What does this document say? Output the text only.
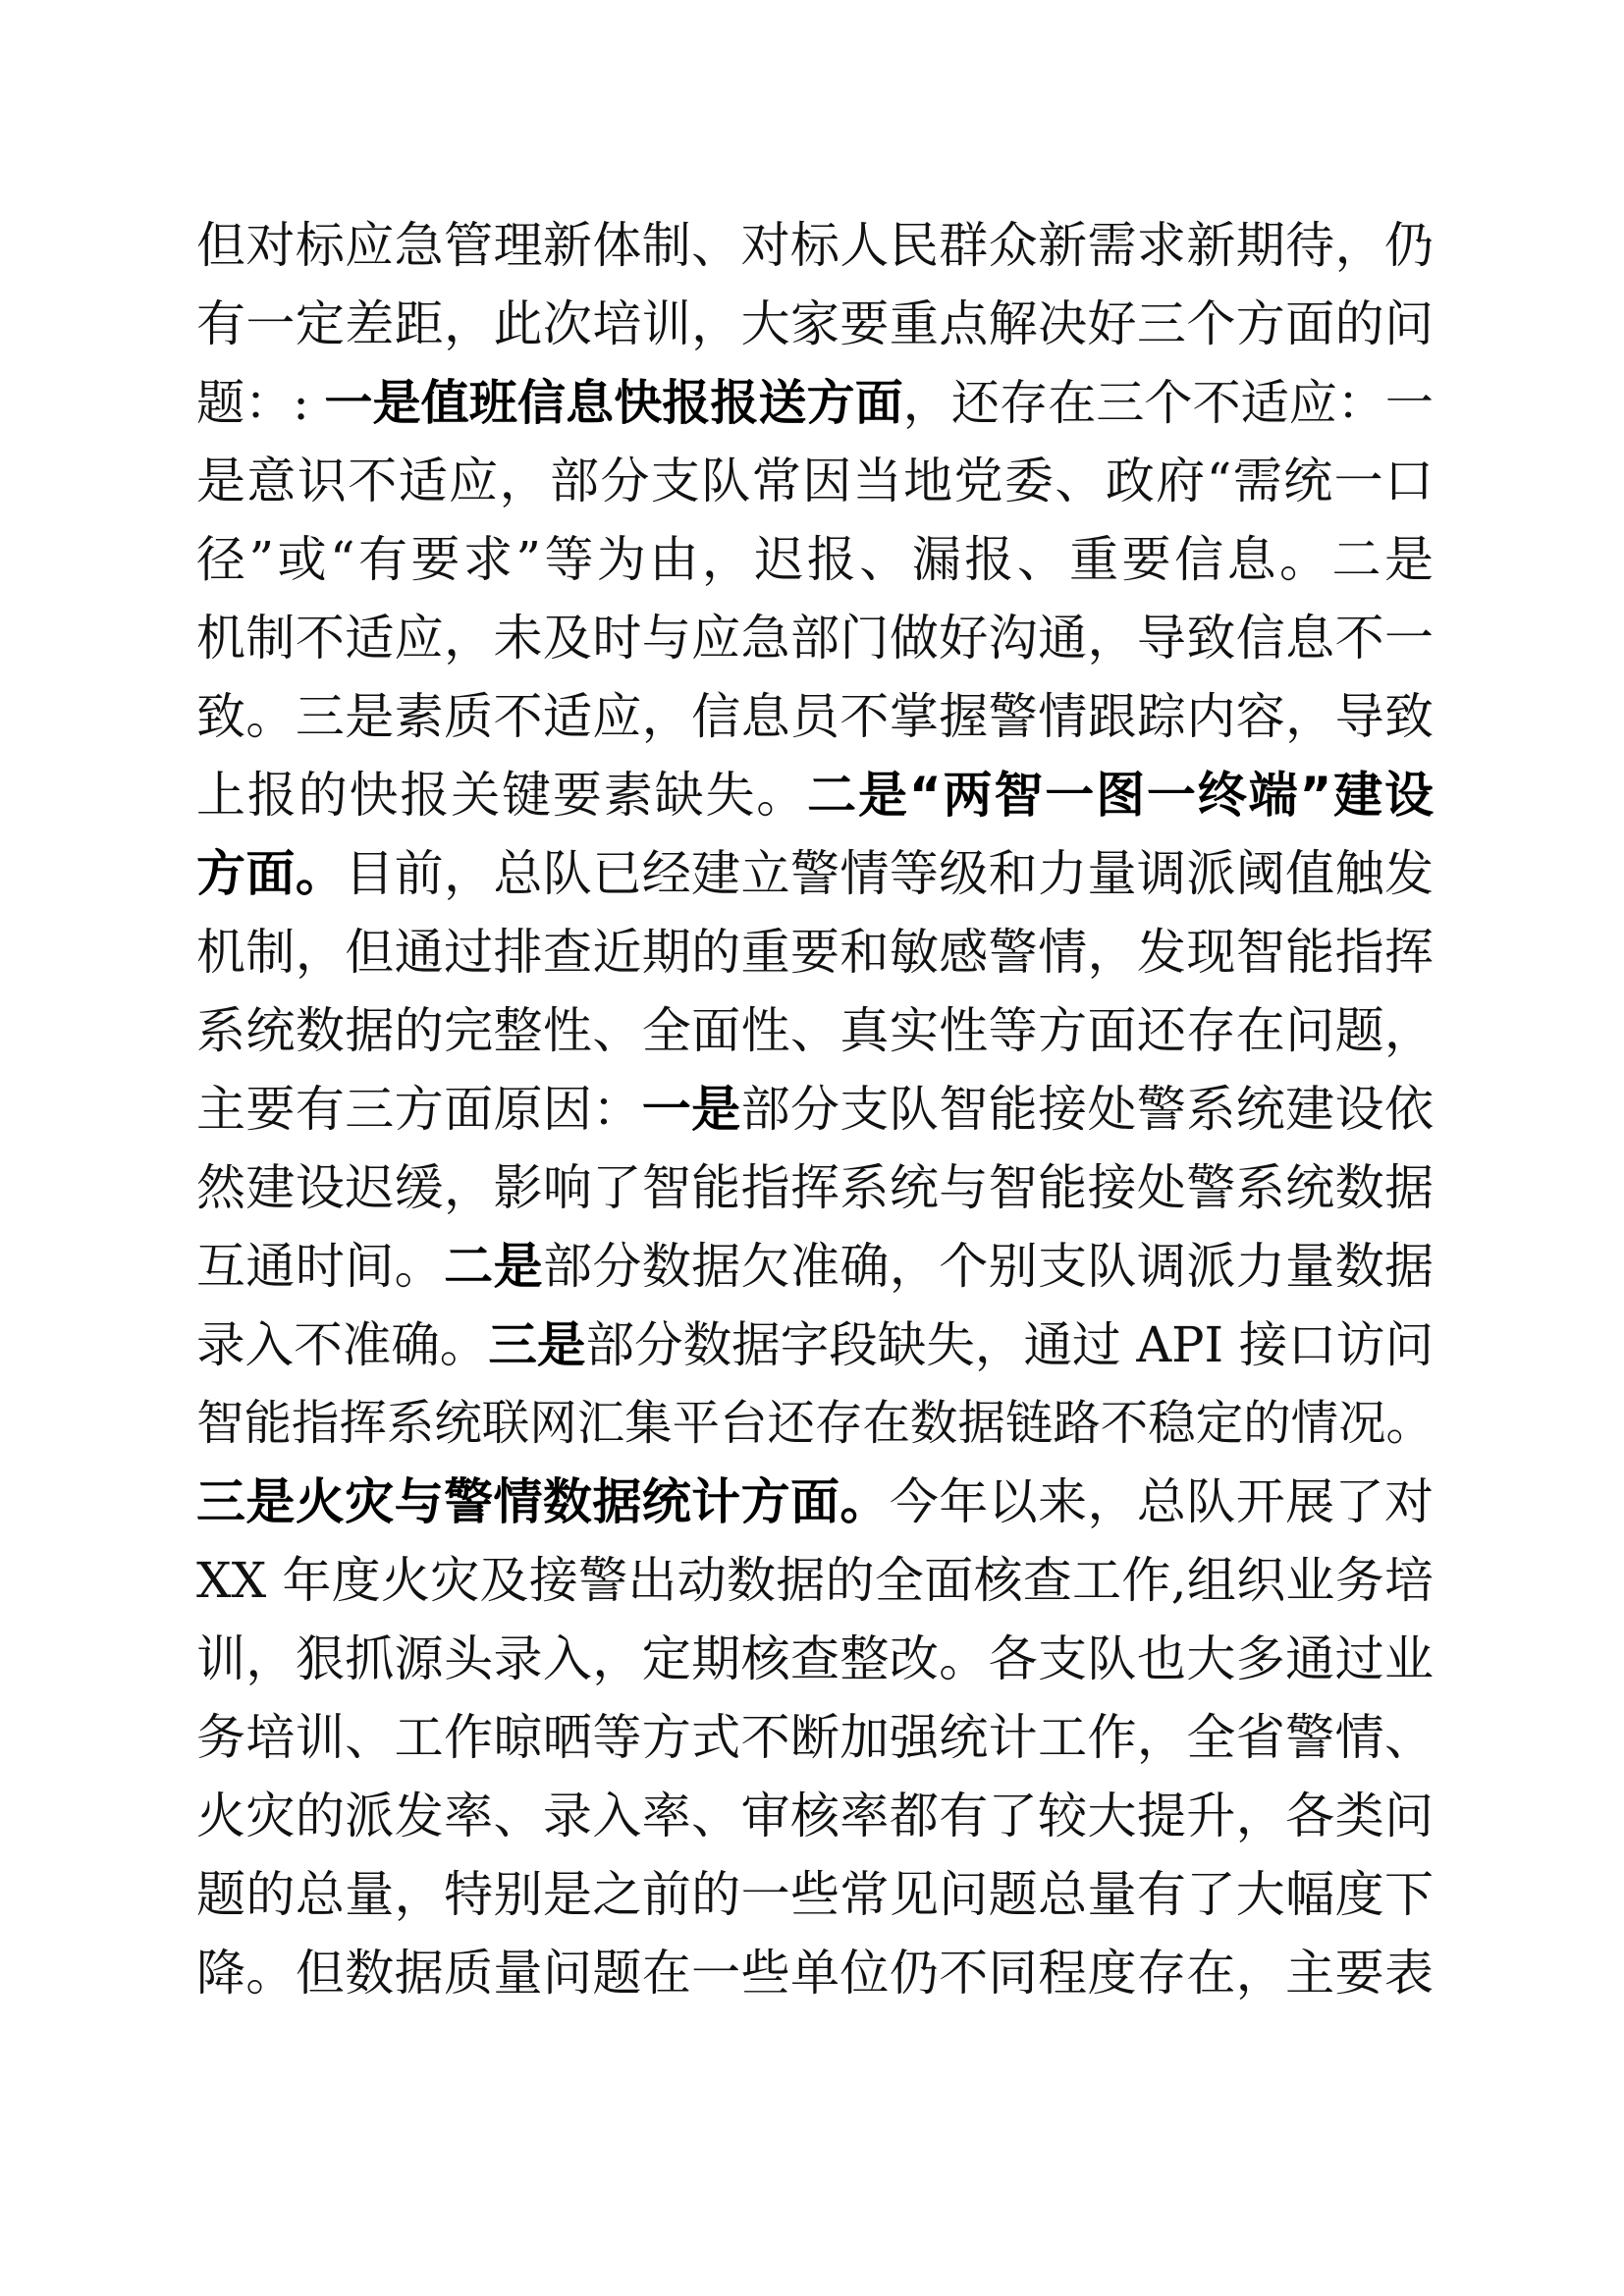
但对标应急管理新体制、对标人民群众新需求新期待，仍
有一定差距，此次培训，大家要重点解决好三个方面的问
题：: 一是值班信息快报报送方面，还存在三个不适应：一
是意识不适应，部分支队常因当地党委、政府“需统一口
径”或“有要求”等为由，迟报、漏报、重要信息。二是
机制不适应，未及时与应急部门做好沟通，导致信息不一
致。三是素质不适应，信息员不掌握警情跟踪内容，导致
上报的快报关键要素缺失。二是“两智一图一终端”建设
方面。目前，总队已经建立警情等级和力量调派阈值触发
机制，但通过排查近期的重要和敏感警情，发现智能指挥
系统数据的完整性、全面性、真实性等方面还存在问题，
主要有三方面原因：一是部分支队智能接处警系统建设依
然建设迟缓，影响了智能指挥系统与智能接处警系统数据
互通时间。二是部分数据欠准确，个别支队调派力量数据
录入不准确。三是部分数据字段缺失，通过 API 接口访问
智能指挥系统联网汇集平台还存在数据链路不稳定的情况。
三是火灾与警情数据统计方面。今年以来，总队开展了对
XX 年度火灾及接警出动数据的全面核查工作,组织业务培
训，狠抓源头录入，定期核查整改。各支队也大多通过业
务培训、工作晾晒等方式不断加强统计工作，全省警情、
火灾的派发率、录入率、审核率都有了较大提升，各类问
题的总量，特别是之前的一些常见问题总量有了大幅度下
降。但数据质量问题在一些单位仍不同程度存在，主要表
